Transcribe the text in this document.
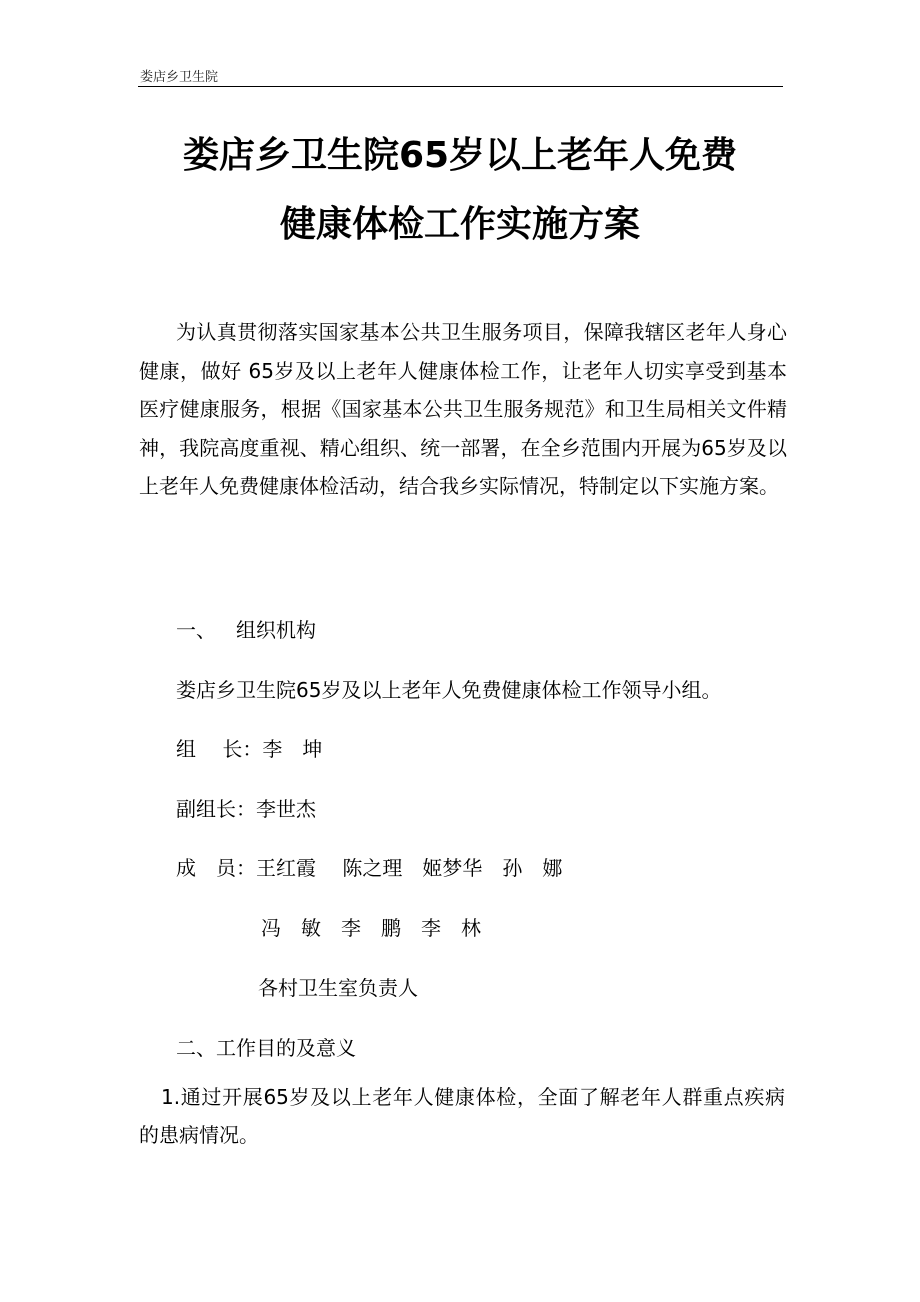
娄店乡卫生院
娄店乡卫生院65岁以上老年人免费
健康体检工作实施方案

为认真贯彻落实国家基本公共卫生服务项目，保障我辖区老年人身心健康，做好 65岁及以上老年人健康体检工作，让老年人切实享受到基本医疗健康服务，根据《国家基本公共卫生服务规范》和卫生局相关文件精神，我院高度重视、精心组织、统一部署，在全乡范围内开展为65岁及以上老年人免费健康体检活动，结合我乡实际情况，特制定以下实施方案。

一、 组织机构
娄店乡卫生院65岁及以上老年人免费健康体检工作领导小组。
组　 长：李　坤
副组长：李世杰
成　员：王红霞　 陈之理　姬梦华　孙　娜
冯　敏　李　鹏　李　林
各村卫生室负责人
二、工作目的及意义

1.通过开展65岁及以上老年人健康体检，全面了解老年人群重点疾病的患病情况。
